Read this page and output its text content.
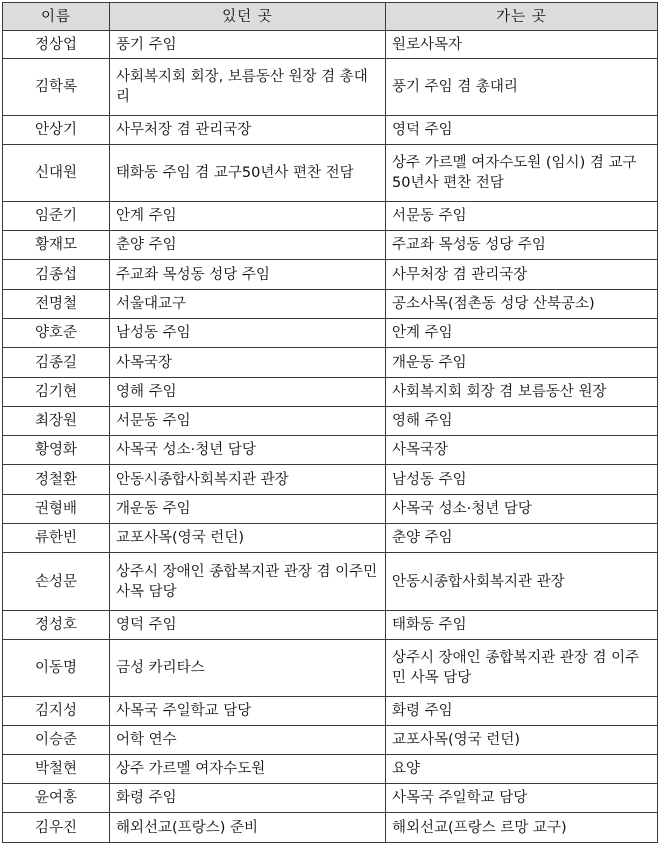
이름	있던 곳	가는 곳
정상업	풍기 주임	원로사목자
김학록	사회복지회 회장, 보름동산 원장 겸 총대리	풍기 주임 겸 총대리
안상기	사무처장 겸 관리국장	영덕 주임
신대원	태화동 주임 겸 교구50년사 편찬 전담	상주 가르멜 여자수도원 (임시) 겸 교구50년사 편찬 전담
임준기	안계 주임	서문동 주임
황재모	춘양 주임	주교좌 목성동 성당 주임
김종섭	주교좌 목성동 성당 주임	사무처장 겸 관리국장
전명철	서울대교구	공소사목(점촌동 성당 산북공소)
양호준	남성동 주임	안계 주임
김종길	사목국장	개운동 주임
김기현	영해 주임	사회복지회 회장 겸 보름동산 원장
최장원	서문동 주임	영해 주임
황영화	사목국 성소·청년 담당	사목국장
정철환	안동시종합사회복지관 관장	남성동 주임
권형배	개운동 주임	사목국 성소·청년 담당
류한빈	교포사목(영국 런던)	춘양 주임
손성문	상주시 장애인 종합복지관 관장 겸 이주민 사목 담당	안동시종합사회복지관 관장
정성호	영덕 주임	태화동 주임
이동명	금성 카리타스	상주시 장애인 종합복지관 관장 겸 이주민 사목 담당
김지성	사목국 주일학교 담당	화령 주임
이승준	어학 연수	교포사목(영국 런던)
박철현	상주 가르멜 여자수도원	요양
윤여홍	화령 주임	사목국 주일학교 담당
김우진	해외선교(프랑스) 준비	해외선교(프랑스 르망 교구)
